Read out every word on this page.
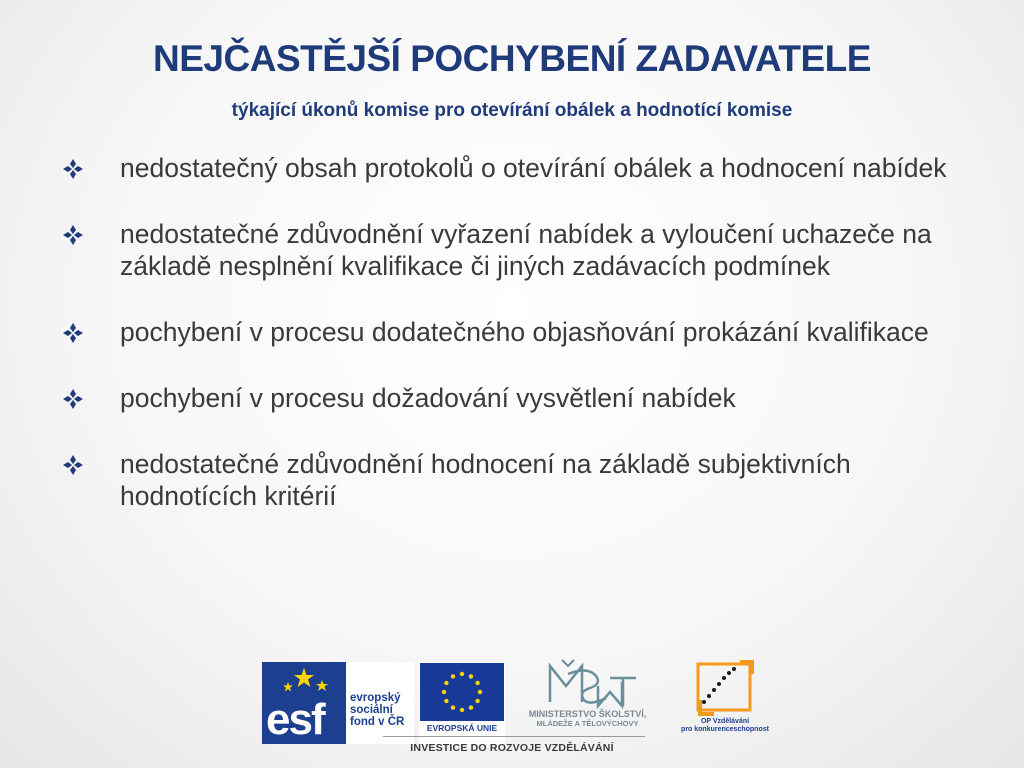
NEJČASTĚJŠÍ POCHYBENÍ ZADAVATELE
týkající úkonů komise pro otevírání obálek a hodnotící komise
nedostatečný obsah protokolů o otevírání obálek a hodnocení nabídek
nedostatečné zdůvodnění vyřazení nabídek a vyloučení uchazeče na základě nesplnění kvalifikace či jiných zadávacích podmínek
pochybení v procesu dodatečného objasňování prokázání kvalifikace
pochybení v procesu dožadování vysvětlení nabídek
nedostatečné zdůvodnění hodnocení na základě subjektivních hodnotících kritérií
esf evropský
sociální
fond v ČR	EVROPSKÁ UNIE
MINISTERSTVO ŠKOLSTVÍ,
MLÁDEŽE A TĚLOVÝCHOVY	OP Vzdělávání
pro konkurenceschopnost
INVESTICE DO ROZVOJE VZDĚLÁVÁNÍ
